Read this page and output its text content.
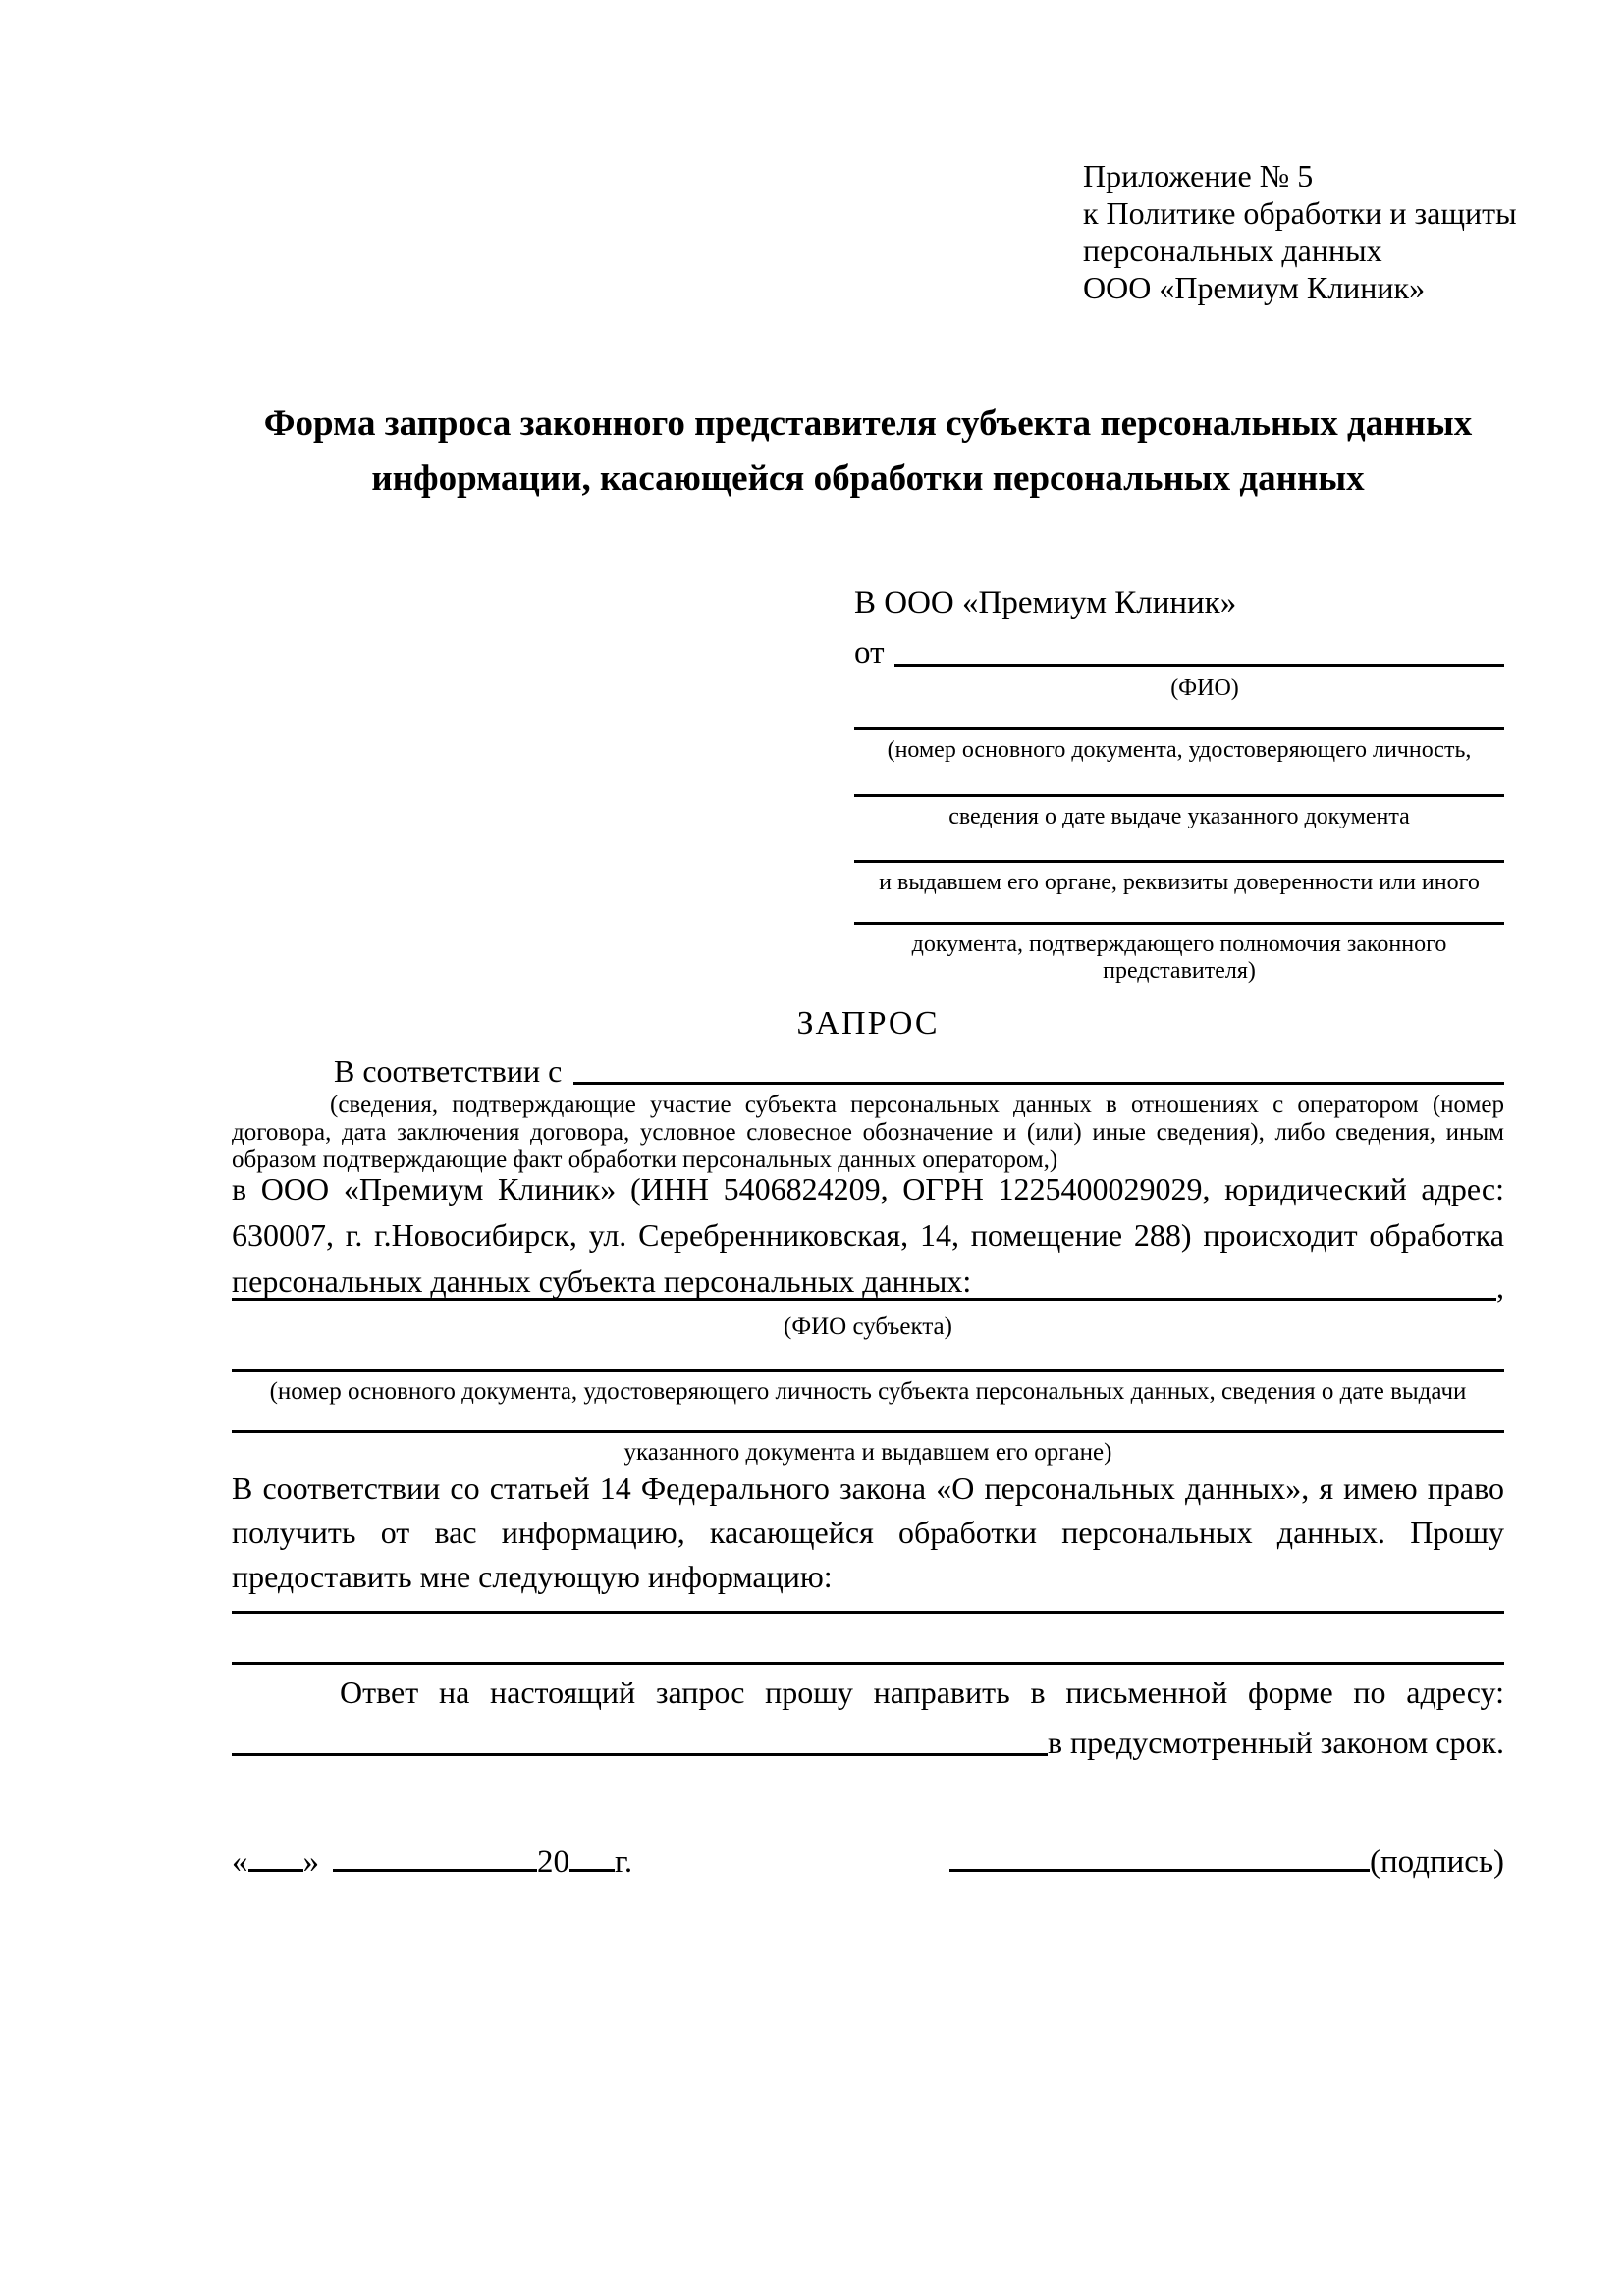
Приложение № 5
к Политике обработки и защиты
персональных данных
ООО «Премиум Клиник»
Форма запроса законного представителя субъекта персональных данных
информации, касающейся обработки персональных данных
В ООО «Премиум Клиник»
от
(ФИО)
(номер основного документа, удостоверяющего личность,
сведения о дате выдаче указанного документа
и выдавшем его органе, реквизиты доверенности или иного
документа, подтверждающего полномочия законного представителя)
ЗАПРОС
В соответствии с
(сведения, подтверждающие участие субъекта персональных данных в отношениях с оператором (номер договора, дата заключения договора, условное словесное обозначение и (или) иные сведения), либо сведения, иным образом подтверждающие факт обработки персональных данных оператором,)
в ООО «Премиум Клиник» (ИНН 5406824209, ОГРН 1225400029029, юридический адрес: 630007, г. г.Новосибирск, ул. Серебренниковская, 14, помещение 288) происходит обработка персональных данных субъекта персональных данных:	,
(ФИО субъекта)
(номер основного документа, удостоверяющего личность субъекта персональных данных, сведения о дате выдачи
указанного документа и выдавшем его органе)
В соответствии со статьей 14 Федерального закона «О персональных данных», я имею право получить от вас информацию, касающейся обработки персональных данных. Прошу предоставить мне следующую информацию:
Ответ на настоящий запрос прошу направить в письменной форме по адресу:
в предусмотренный законом срок.
« »	20 г.	(подпись)
